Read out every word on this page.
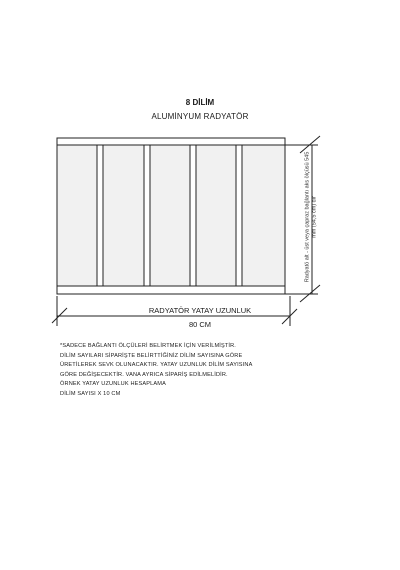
8 DİLİM
ALUMİNYUM RADYATÖR
Radyatö alt - üst veya çapraz bağlantı aks ölçüsü 545 mm (54,5 cm) dir
RADYATÖR YATAY UZUNLUK
80 CM
*SADECE BAĞLANTI ÖLÇÜLERİ BELİRTMEK İÇİN VERİLMİŞTİR.
DİLİM SAYILARI SİPARİŞTE BELİRTTİĞİNİZ DİLİM SAYISINA GÖRE
ÜRETİLEREK SEVK OLUNACAKTIR. YATAY UZUNLUK DİLİM SAYISINA
GÖRE DEĞİŞECEKTİR. VANA AYRICA SİPARİŞ EDİLMELİDİR.
ÖRNEK YATAY UZUNLUK HESAPLAMA
DİLİM SAYISI X 10 CM
